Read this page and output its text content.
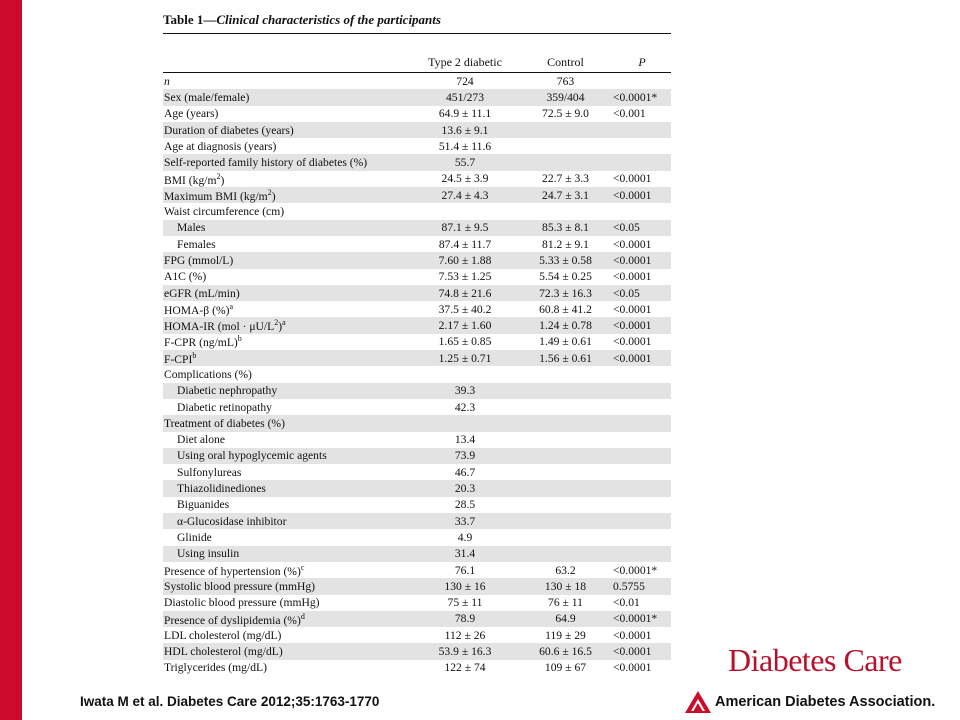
Table 1—Clinical characteristics of the participants
Type 2 diabetic	Control	P
n	724	763
Sex (male/female)	451/273	359/404	<0.0001*
Age (years)	64.9 ± 11.1	72.5 ± 9.0	<0.001
Duration of diabetes (years)	13.6 ± 9.1
Age at diagnosis (years)	51.4 ± 11.6
Self-reported family history of diabetes (%)	55.7
BMI $(kg/m^2)$	24.5 ± 3.9	22.7 ± 3.3	<0.0001
Maximum BMI $(kg/m^2)$	27.4 ± 4.3	24.7 ± 3.1	<0.0001
Waist circumference (cm)
Males	87.1 ± 9.5	85.3 ± 8.1	<0.05
Females	87.4 ± 11.7	81.2 ± 9.1	<0.0001
FPG (mmol/L)	7.60 ± 1.88	5.33 ± 0.58	<0.0001
A1C (%)	7.53 ± 1.25	5.54 ± 0.25	<0.0001
eGFR (mL/min)	74.8 ± 21.6	72.3 ± 16.3	<0.05
HOMA-β (%)$^a$	37.5 ± 40.2	60.8 ± 41.2	<0.0001
HOMA-IR $(mol \cdot \mu U/L^2)^a$	2.17 ± 1.60	1.24 ± 0.78	<0.0001
F-CPR $(ng/mL)^b$	1.65 ± 0.85	1.49 ± 0.61	<0.0001
F-CPI$^b$	1.25 ± 0.71	1.56 ± 0.61	<0.0001
Complications (%)
Diabetic nephropathy	39.3
Diabetic retinopathy	42.3
Treatment of diabetes (%)
Diet alone	13.4
Using oral hypoglycemic agents	73.9
Sulfonylureas	46.7
Thiazolidinediones	20.3
Biguanides	28.5
α-Glucosidase inhibitor	33.7
Glinide	4.9
Using insulin	31.4
Presence of hypertension (%)$^c$	76.1	63.2	<0.0001*
Systolic blood pressure (mmHg)	130 ± 16	130 ± 18	0.5755
Diastolic blood pressure (mmHg)	75 ± 11	76 ± 11	<0.01
Presence of dyslipidemia (%)$^d$	78.9	64.9	<0.0001*
LDL cholesterol (mg/dL)	112 ± 26	119 ± 29	<0.0001
HDL cholesterol (mg/dL)	53.9 ± 16.3	60.6 ± 16.5	<0.0001
Triglycerides (mg/dL)	122 ± 74	109 ± 67	<0.0001
Iwata M et al. Diabetes Care 2012;35:1763-1770
Diabetes Care
American Diabetes Association.
